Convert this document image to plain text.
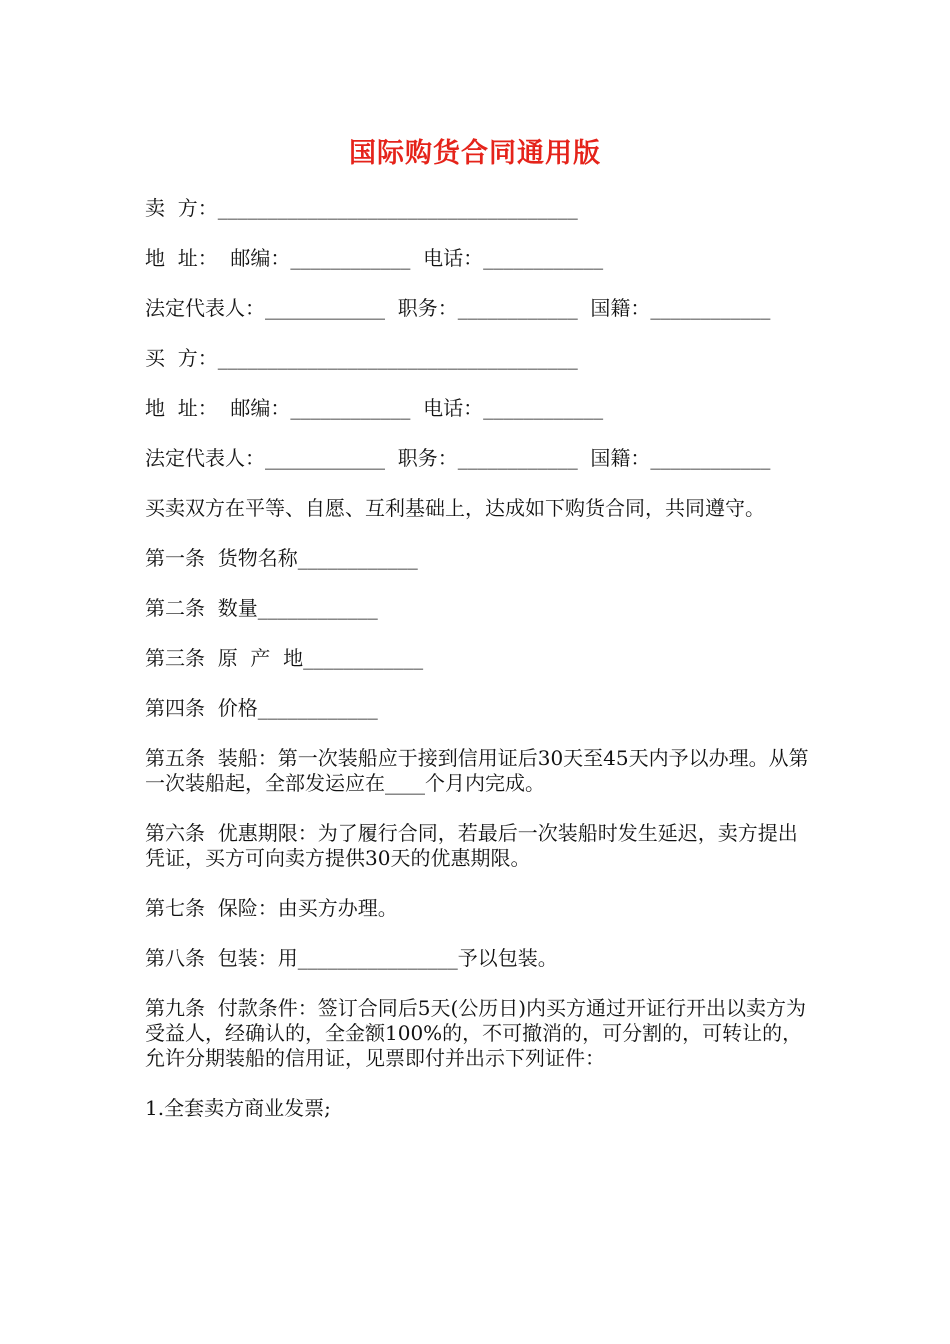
国际购货合同通用版

卖  方：____________________________________

地  址：  邮编：____________  电话：____________

法定代表人：____________  职务：____________  国籍：____________

买  方：____________________________________

地  址：  邮编：____________  电话：____________

法定代表人：____________  职务：____________  国籍：____________

买卖双方在平等、自愿、互利基础上，达成如下购货合同，共同遵守。

第一条  货物名称____________

第二条  数量____________

第三条  原  产  地____________

第四条  价格____________

第五条  装船：第一次装船应于接到信用证后30天至45天内予以办理。从第一次装船起，全部发运应在____个月内完成。

第六条  优惠期限：为了履行合同，若最后一次装船时发生延迟，卖方提出凭证，买方可向卖方提供30天的优惠期限。

第七条  保险：由买方办理。

第八条  包装：用________________予以包装。

第九条  付款条件：签订合同后5天(公历日)内买方通过开证行开出以卖方为受益人，经确认的，全金额100%的，不可撤消的，可分割的，可转让的，允许分期装船的信用证，见票即付并出示下列证件：

1.全套卖方商业发票;
